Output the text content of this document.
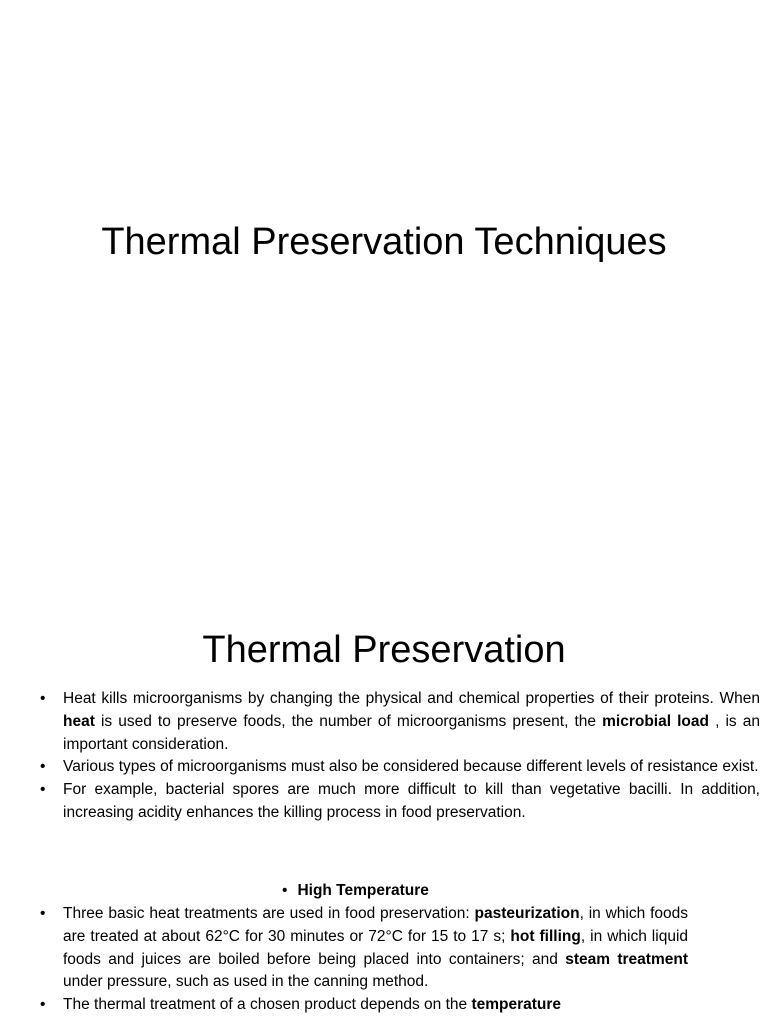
Thermal Preservation Techniques
Thermal Preservation
•	Heat kills microorganisms by changing the physical and chemical properties of their proteins. When heat is used to preserve foods, the number of microorganisms present, the microbial load , is an important consideration.
•	Various types of microorganisms must also be considered because different levels of resistance exist.
•	For example, bacterial spores are much more difficult to kill than vegetative bacilli. In addition, increasing acidity enhances the killing process in food preservation.
• High Temperature
•	Three basic heat treatments are used in food preservation: pasteurization, in which foods are treated at about 62°C for 30 minutes or 72°C for 15 to 17 s; hot filling, in which liquid foods and juices are boiled before being placed into containers; and steam treatment under pressure, such as used in the canning method.
•	The thermal treatment of a chosen product depends on the temperature
